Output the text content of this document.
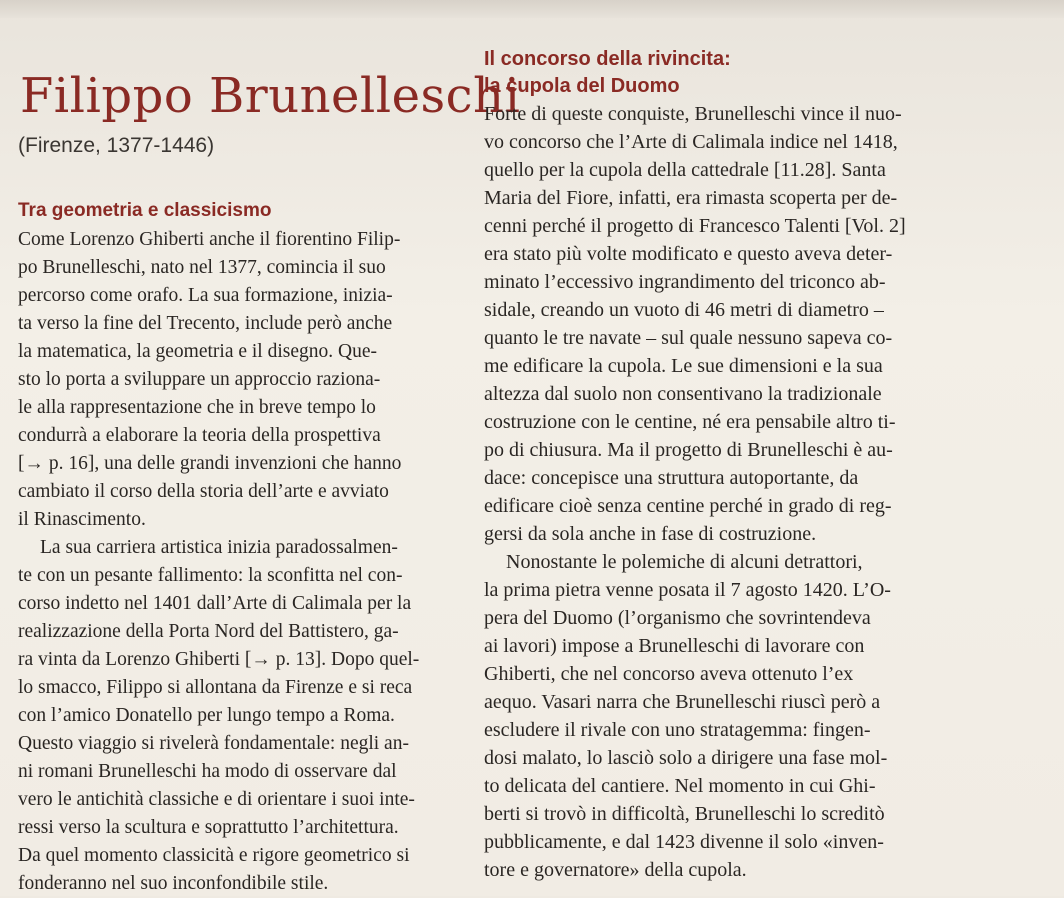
Filippo Brunelleschi
(Firenze, 1377-1446)
Tra geometria e classicismo
Come Lorenzo Ghiberti anche il fiorentino Filip-
po Brunelleschi, nato nel 1377, comincia il suo
percorso come orafo. La sua formazione, inizia-
ta verso la fine del Trecento, include però anche
la matematica, la geometria e il disegno. Que-
sto lo porta a sviluppare un approccio raziona-
le alla rappresentazione che in breve tempo lo
condurrà a elaborare la teoria della prospettiva
[→ p. 16], una delle grandi invenzioni che hanno
cambiato il corso della storia dell’arte e avviato
il Rinascimento.
La sua carriera artistica inizia paradossalmen-
te con un pesante fallimento: la sconfitta nel con-
corso indetto nel 1401 dall’Arte di Calimala per la
realizzazione della Porta Nord del Battistero, ga-
ra vinta da Lorenzo Ghiberti [→ p. 13]. Dopo quel-
lo smacco, Filippo si allontana da Firenze e si reca
con l’amico Donatello per lungo tempo a Roma.
Questo viaggio si rivelerà fondamentale: negli an-
ni romani Brunelleschi ha modo di osservare dal
vero le antichità classiche e di orientare i suoi inte-
ressi verso la scultura e soprattutto l’architettura.
Da quel momento classicità e rigore geometrico si
fonderanno nel suo inconfondibile stile.
Il concorso della rivincita:
la cupola del Duomo
Forte di queste conquiste, Brunelleschi vince il nuo-
vo concorso che l’Arte di Calimala indice nel 1418,
quello per la cupola della cattedrale [11.28]. Santa
Maria del Fiore, infatti, era rimasta scoperta per de-
cenni perché il progetto di Francesco Talenti [Vol. 2]
era stato più volte modificato e questo aveva deter-
minato l’eccessivo ingrandimento del triconco ab-
sidale, creando un vuoto di 46 metri di diametro –
quanto le tre navate – sul quale nessuno sapeva co-
me edificare la cupola. Le sue dimensioni e la sua
altezza dal suolo non consentivano la tradizionale
costruzione con le centine, né era pensabile altro ti-
po di chiusura. Ma il progetto di Brunelleschi è au-
dace: concepisce una struttura autoportante, da
edificare cioè senza centine perché in grado di reg-
gersi da sola anche in fase di costruzione.
Nonostante le polemiche di alcuni detrattori,
la prima pietra venne posata il 7 agosto 1420. L’O-
pera del Duomo (l’organismo che sovrintendeva
ai lavori) impose a Brunelleschi di lavorare con
Ghiberti, che nel concorso aveva ottenuto l’ex
aequo. Vasari narra che Brunelleschi riuscì però a
escludere il rivale con uno stratagemma: fingen-
dosi malato, lo lasciò solo a dirigere una fase mol-
to delicata del cantiere. Nel momento in cui Ghi-
berti si trovò in difficoltà, Brunelleschi lo screditò
pubblicamente, e dal 1423 divenne il solo «inven-
tore e governatore» della cupola.
